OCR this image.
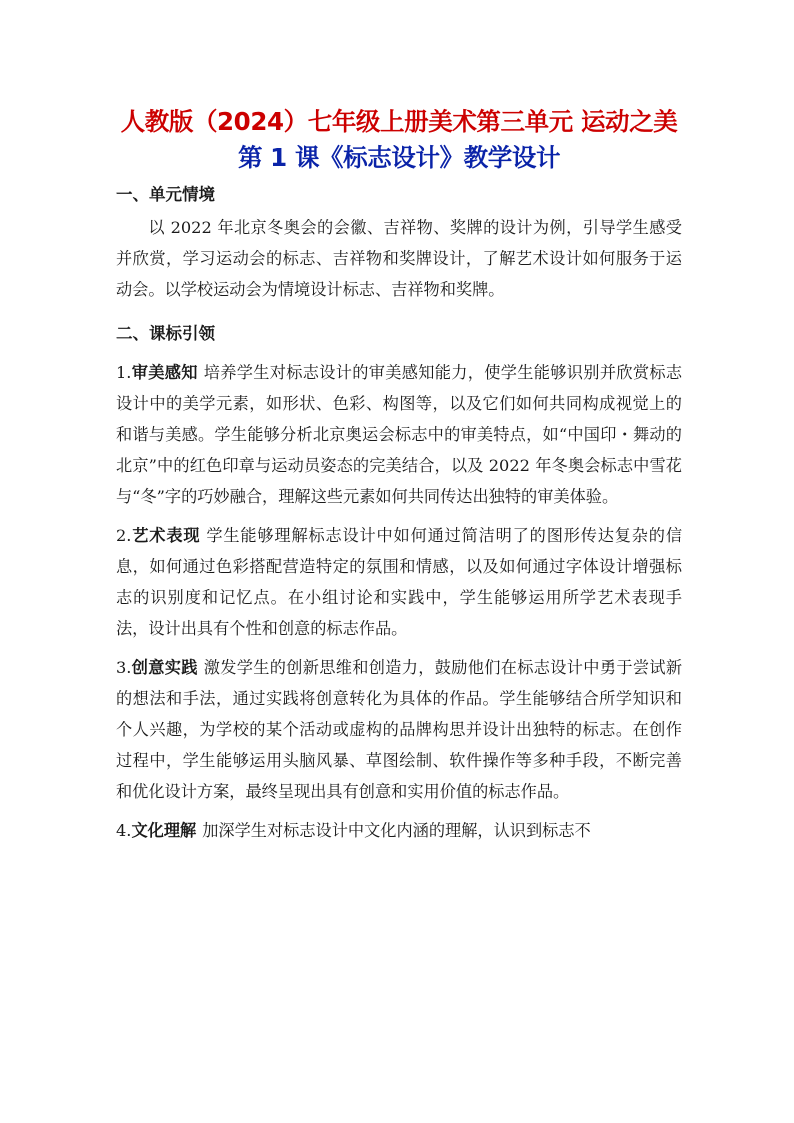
人教版（2024）七年级上册美术第三单元 运动之美
第 1 课《标志设计》教学设计
一、单元情境

以 2022 年北京冬奥会的会徽、吉祥物、奖牌的设计为例，引导学生感受并欣赏，学习运动会的标志、吉祥物和奖牌设计，了解艺术设计如何服务于运动会。以学校运动会为情境设计标志、吉祥物和奖牌。

二、课标引领

1.审美感知 培养学生对标志设计的审美感知能力，使学生能够识别并欣赏标志设计中的美学元素，如形状、色彩、构图等，以及它们如何共同构成视觉上的和谐与美感。学生能够分析北京奥运会标志中的审美特点，如“中国印・舞动的北京”中的红色印章与运动员姿态的完美结合，以及 2022 年冬奥会标志中雪花与“冬”字的巧妙融合，理解这些元素如何共同传达出独特的审美体验。

2.艺术表现 学生能够理解标志设计中如何通过简洁明了的图形传达复杂的信息，如何通过色彩搭配营造特定的氛围和情感，以及如何通过字体设计增强标志的识别度和记忆点。在小组讨论和实践中，学生能够运用所学艺术表现手法，设计出具有个性和创意的标志作品。

3.创意实践 激发学生的创新思维和创造力，鼓励他们在标志设计中勇于尝试新的想法和手法，通过实践将创意转化为具体的作品。学生能够结合所学知识和个人兴趣，为学校的某个活动或虚构的品牌构思并设计出独特的标志。在创作过程中，学生能够运用头脑风暴、草图绘制、软件操作等多种手段，不断完善和优化设计方案，最终呈现出具有创意和实用价值的标志作品。

4.文化理解 加深学生对标志设计中文化内涵的理解，认识到标志不
